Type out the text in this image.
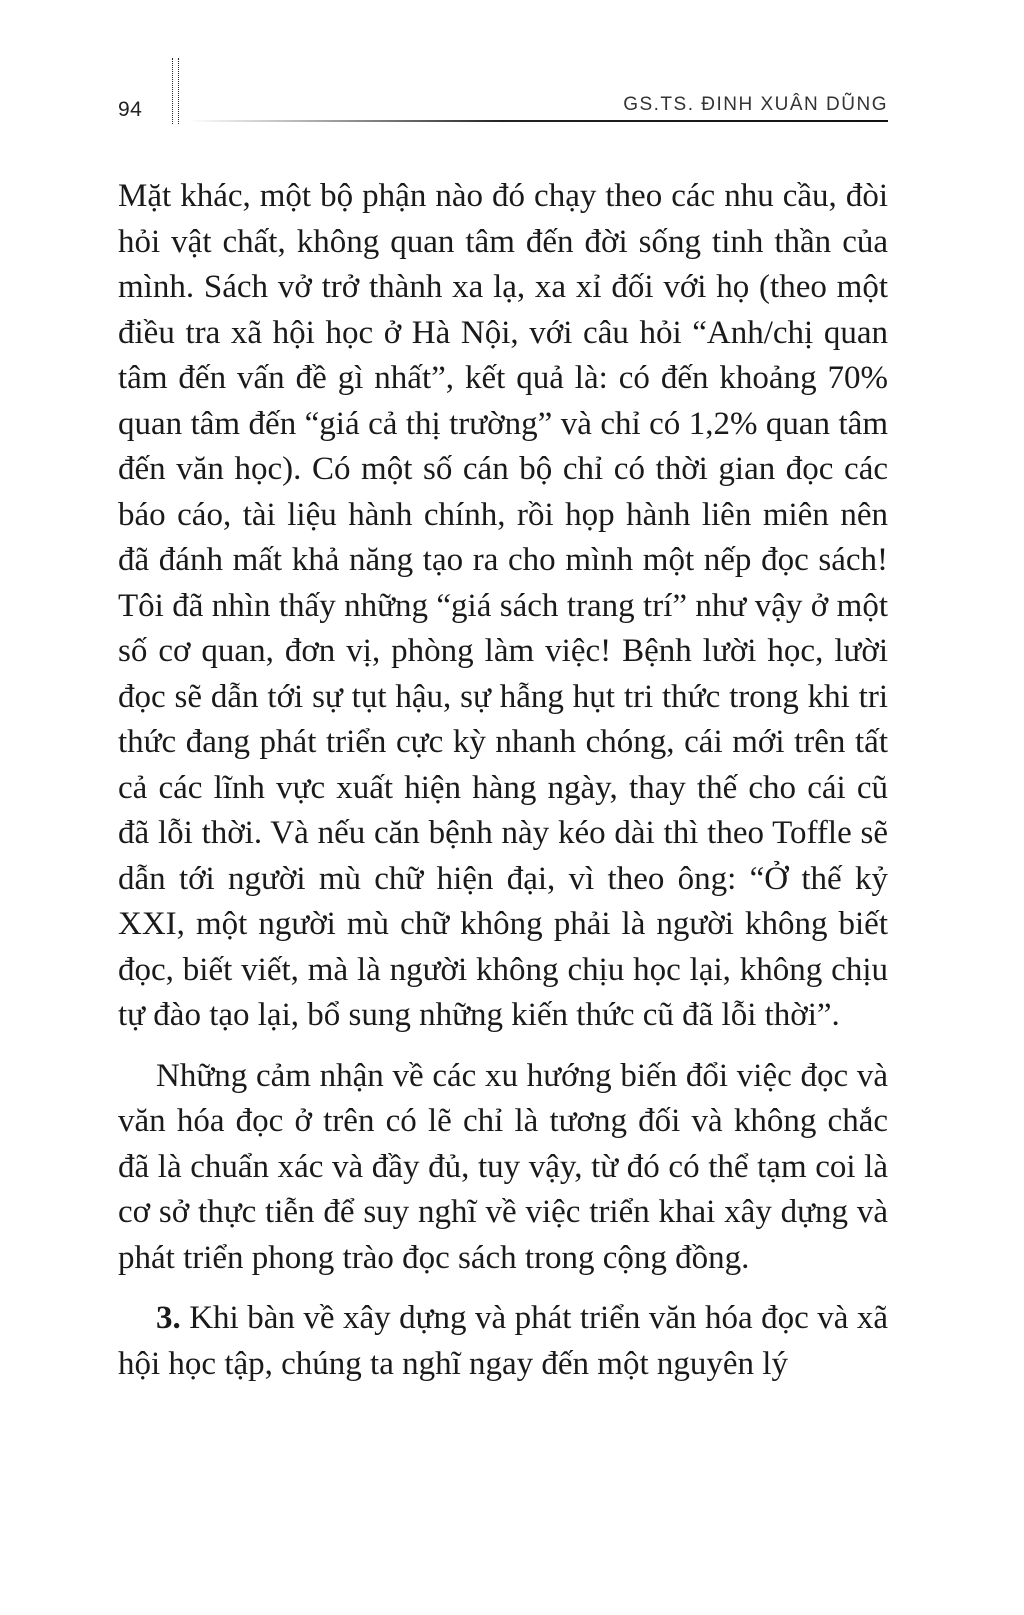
94	GS.TS. ĐINH XUÂN DŨNG

Mặt khác, một bộ phận nào đó chạy theo các nhu cầu, đòi hỏi vật chất, không quan tâm đến đời sống tinh thần của mình. Sách vở trở thành xa lạ, xa xỉ đối với họ (theo một điều tra xã hội học ở Hà Nội, với câu hỏi “Anh/chị quan tâm đến vấn đề gì nhất”, kết quả là: có đến khoảng 70% quan tâm đến “giá cả thị trường” và chỉ có 1,2% quan tâm đến văn học). Có một số cán bộ chỉ có thời gian đọc các báo cáo, tài liệu hành chính, rồi họp hành liên miên nên đã đánh mất khả năng tạo ra cho mình một nếp đọc sách! Tôi đã nhìn thấy những “giá sách trang trí” như vậy ở một số cơ quan, đơn vị, phòng làm việc! Bệnh lười học, lười đọc sẽ dẫn tới sự tụt hậu, sự hẫng hụt tri thức trong khi tri thức đang phát triển cực kỳ nhanh chóng, cái mới trên tất cả các lĩnh vực xuất hiện hàng ngày, thay thế cho cái cũ đã lỗi thời. Và nếu căn bệnh này kéo dài thì theo Toffle sẽ dẫn tới người mù chữ hiện đại, vì theo ông: “Ở thế kỷ XXI, một người mù chữ không phải là người không biết đọc, biết viết, mà là người không chịu học lại, không chịu tự đào tạo lại, bổ sung những kiến thức cũ đã lỗi thời”.

Những cảm nhận về các xu hướng biến đổi việc đọc và văn hóa đọc ở trên có lẽ chỉ là tương đối và không chắc đã là chuẩn xác và đầy đủ, tuy vậy, từ đó có thể tạm coi là cơ sở thực tiễn để suy nghĩ về việc triển khai xây dựng và phát triển phong trào đọc sách trong cộng đồng.

3. Khi bàn về xây dựng và phát triển văn hóa đọc và xã hội học tập, chúng ta nghĩ ngay đến một nguyên lý
